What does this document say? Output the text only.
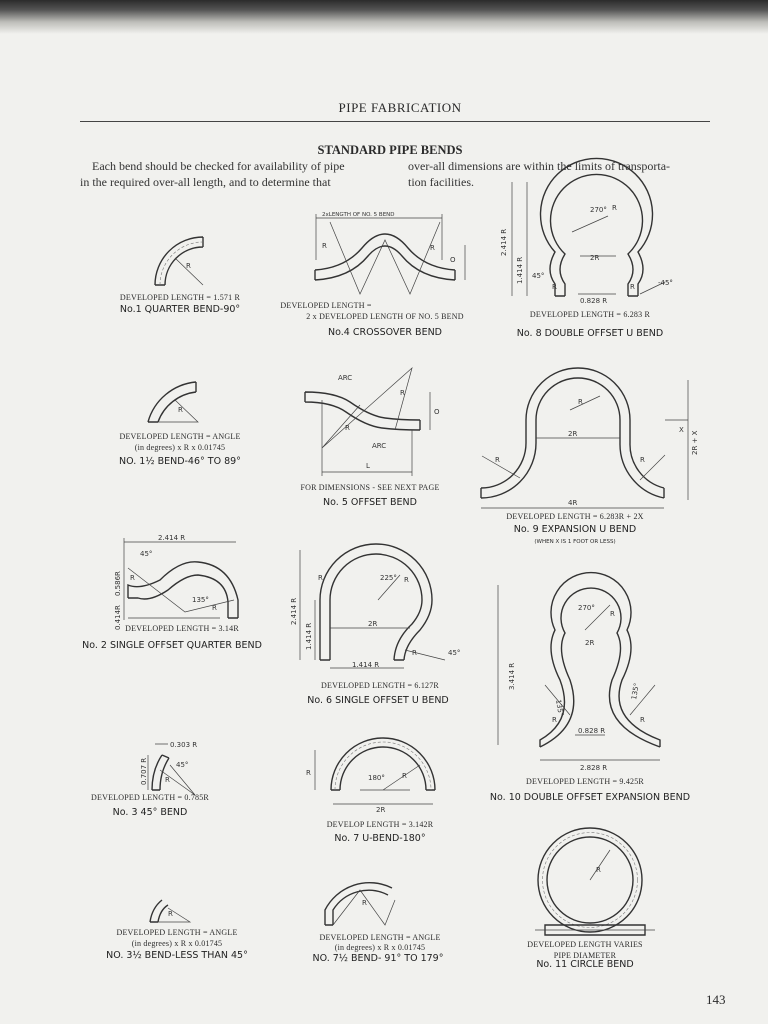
PIPE FABRICATION
STANDARD PIPE BENDS
Each bend should be checked for availability of pipe
in the required over-all length, and to determine that
over-all dimensions are within the limits of transporta-
tion facilities.
R
2xLENGTH OF NO. 5 BEND
R	R
O
2.414 R
1.414 R
270° R
2R
45°
R	R	-45°
0.828 R
R
ARC
ARC
O
L
R
R
R
2R	X
2R + X
R	R
4R
2.414 R
45°
R
135°
R
0.586R
0.414R	2.414 R
1.414 R
R	225° R
2R
R	45°
1.414 R
0.303 R
0.707 R	45°
R
R
180° R
2R
270°
R
2R
3.414 R
135°
135°
R	R
0.828 R
2.828 R
R
R
R
DEVELOPED LENGTH = 1.571 R
No.1 QUARTER BEND-90°	DEVELOPED LENGTH =
2 x DEVELOPED LENGTH OF NO. 5 BEND
No.4 CROSSOVER BEND
DEVELOPED LENGTH = 6.283 R
No. 8 DOUBLE OFFSET U BEND
DEVELOPED LENGTH = ANGLE
(in degrees) x R x 0.01745
NO. 1½ BEND-46° TO 89°
FOR DIMENSIONS - SEE NEXT PAGE
No. 5 OFFSET BEND
DEVELOPED LENGTH = 6.283R + 2X
No. 9 EXPANSION U BEND
(WHEN X IS 1 FOOT OR LESS)
DEVELOPED LENGTH = 3.14R
No. 2 SINGLE OFFSET QUARTER BEND
DEVELOPED LENGTH = 6.127R
No. 6 SINGLE OFFSET U BEND
DEVELOPED LENGTH = 0.785R
No. 3 45° BEND
DEVELOP LENGTH = 3.142R
No. 7 U-BEND-180°
DEVELOPED LENGTH = 9.425R
No. 10 DOUBLE OFFSET EXPANSION BEND
DEVELOPED LENGTH = ANGLE
(in degrees) x R x 0.01745
NO. 3½ BEND-LESS THAN 45°
DEVELOPED LENGTH = ANGLE
(in degrees) x R x 0.01745
NO. 7½ BEND- 91° TO 179°
DEVELOPED LENGTH VARIES
PIPE DIAMETER
No. 11 CIRCLE BEND
143
